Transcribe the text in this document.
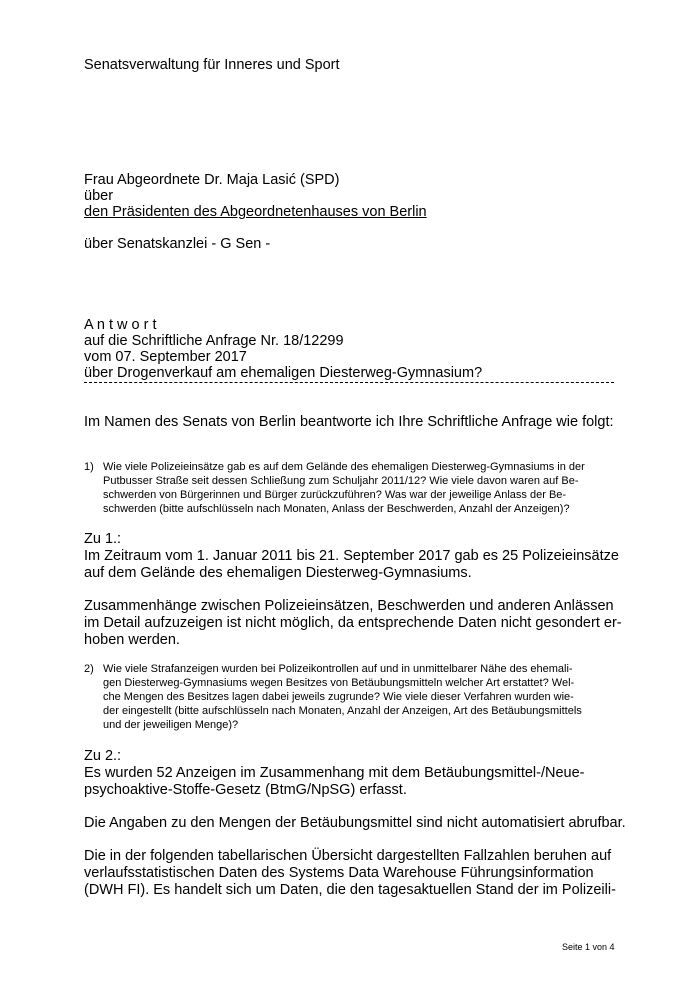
Senatsverwaltung für Inneres und Sport
Frau Abgeordnete Dr. Maja Lasić (SPD)
über
den Präsidenten des Abgeordnetenhauses von Berlin
über Senatskanzlei - G Sen -
A n t w o r t
auf die Schriftliche Anfrage Nr. 18/12299
vom 07. September 2017
über Drogenverkauf am ehemaligen Diesterweg-Gymnasium?
Im Namen des Senats von Berlin beantworte ich Ihre Schriftliche Anfrage wie folgt:
1) Wie viele Polizeieinsätze gab es auf dem Gelände des ehemaligen Diesterweg-Gymnasiums in der
Putbusser Straße seit dessen Schließung zum Schuljahr 2011/12? Wie viele davon waren auf Be-
schwerden von Bürgerinnen und Bürger zurückzuführen? Was war der jeweilige Anlass der Be-
schwerden (bitte aufschlüsseln nach Monaten, Anlass der Beschwerden, Anzahl der Anzeigen)?
Zu 1.:
Im Zeitraum vom 1. Januar 2011 bis 21. September 2017 gab es 25 Polizeieinsätze
auf dem Gelände des ehemaligen Diesterweg-Gymnasiums.
Zusammenhänge zwischen Polizeieinsätzen, Beschwerden und anderen Anlässen
im Detail aufzuzeigen ist nicht möglich, da entsprechende Daten nicht gesondert er-
hoben werden.
2) Wie viele Strafanzeigen wurden bei Polizeikontrollen auf und in unmittelbarer Nähe des ehemali-
gen Diesterweg-Gymnasiums wegen Besitzes von Betäubungsmitteln welcher Art erstattet? Wel-
che Mengen des Besitzes lagen dabei jeweils zugrunde? Wie viele dieser Verfahren wurden wie-
der eingestellt (bitte aufschlüsseln nach Monaten, Anzahl der Anzeigen, Art des Betäubungsmittels
und der jeweiligen Menge)?
Zu 2.:
Es wurden 52 Anzeigen im Zusammenhang mit dem Betäubungsmittel-/Neue-
psychoaktive-Stoffe-Gesetz (BtmG/NpSG) erfasst.
Die Angaben zu den Mengen der Betäubungsmittel sind nicht automatisiert abrufbar.
Die in der folgenden tabellarischen Übersicht dargestellten Fallzahlen beruhen auf
verlaufsstatistischen Daten des Systems Data Warehouse Führungsinformation
(DWH FI). Es handelt sich um Daten, die den tagesaktuellen Stand der im Polizeili-
Seite 1 von 4
